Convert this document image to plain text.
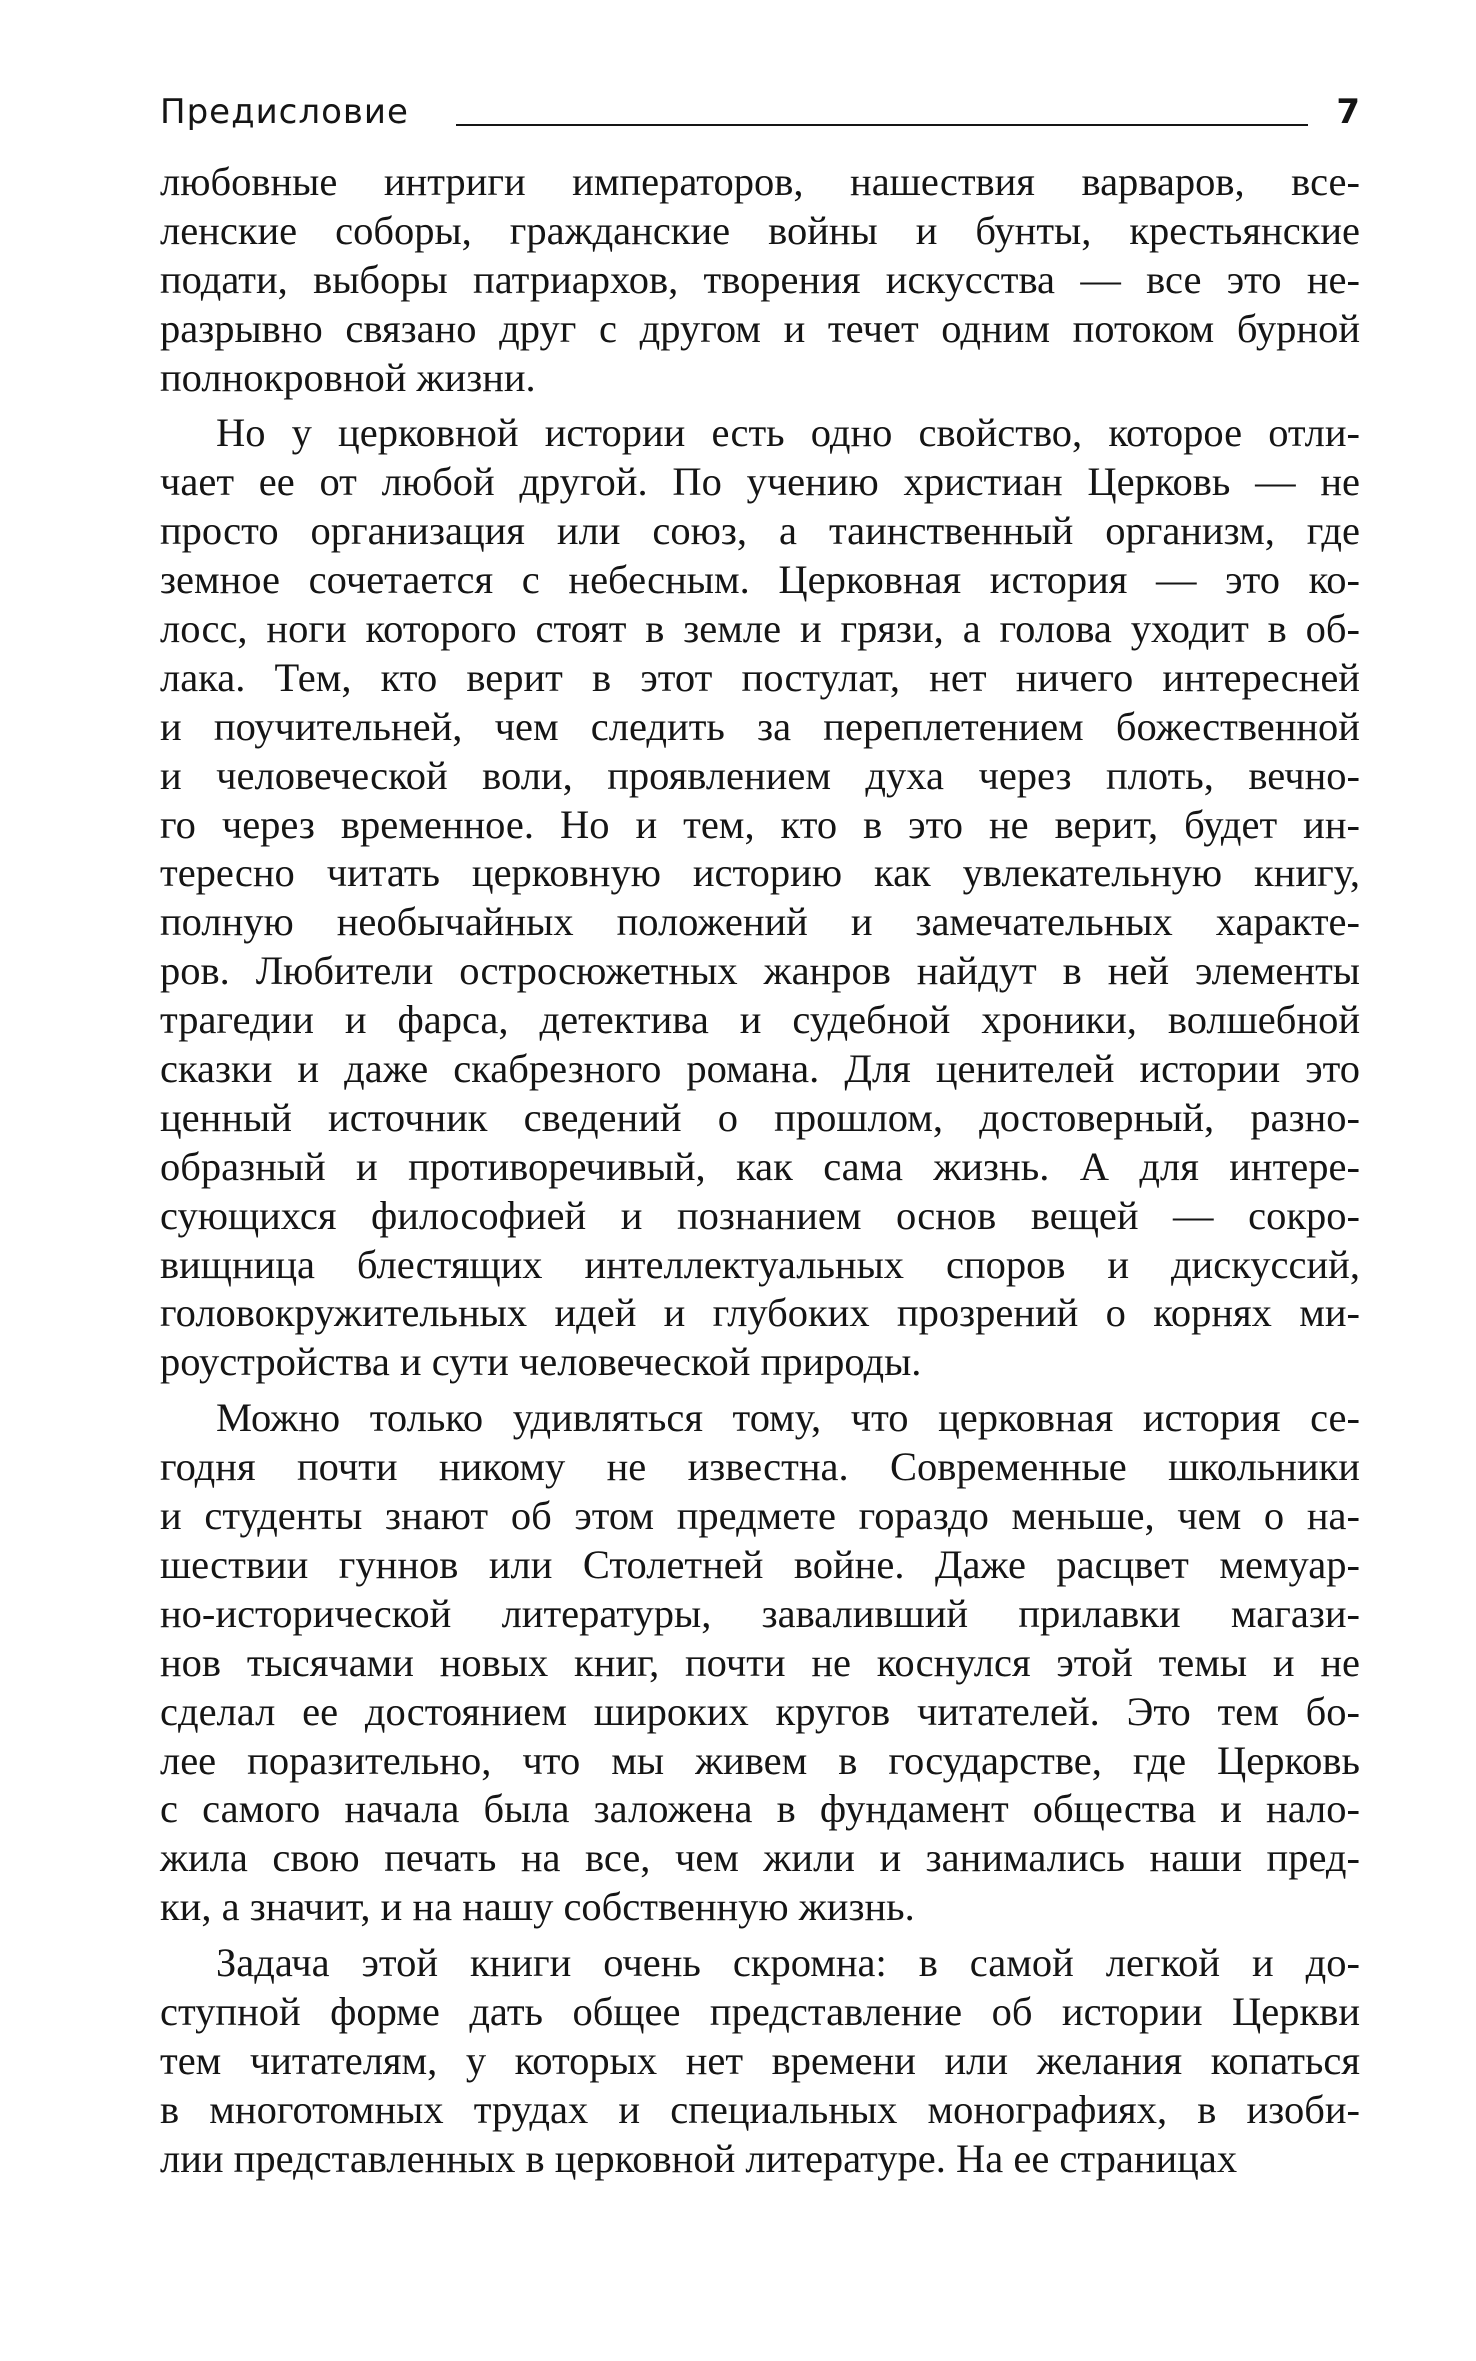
Предисловие	7
любовные интриги императоров, нашествия варваров, все-
ленские соборы, гражданские войны и бунты, крестьянские
подати, выборы патриархов, творения искусства — все это не-
разрывно связано друг с другом и течет одним потоком бурной
полнокровной жизни.
Но у церковной истории есть одно свойство, которое отли-
чает ее от любой другой. По учению христиан Церковь — не
просто организация или союз, а таинственный организм, где
земное сочетается с небесным. Церковная история — это ко-
лосс, ноги которого стоят в земле и грязи, а голова уходит в об-
лака. Тем, кто верит в этот постулат, нет ничего интересней
и поучительней, чем следить за переплетением божественной
и человеческой воли, проявлением духа через плоть, вечно-
го через временное. Но и тем, кто в это не верит, будет ин-
тересно читать церковную историю как увлекательную книгу,
полную необычайных положений и замечательных характе-
ров. Любители остросюжетных жанров найдут в ней элементы
трагедии и фарса, детектива и судебной хроники, волшебной
сказки и даже скабрезного романа. Для ценителей истории это
ценный источник сведений о прошлом, достоверный, разно-
образный и противоречивый, как сама жизнь. А для интере-
сующихся философией и познанием основ вещей — сокро-
вищница блестящих интеллектуальных споров и дискуссий,
головокружительных идей и глубоких прозрений о корнях ми-
роустройства и сути человеческой природы.
Можно только удивляться тому, что церковная история се-
годня почти никому не известна. Современные школьники
и студенты знают об этом предмете гораздо меньше, чем о на-
шествии гуннов или Столетней войне. Даже расцвет мемуар-
но-исторической литературы, заваливший прилавки магази-
нов тысячами новых книг, почти не коснулся этой темы и не
сделал ее достоянием широких кругов читателей. Это тем бо-
лее поразительно, что мы живем в государстве, где Церковь
с самого начала была заложена в фундамент общества и нало-
жила свою печать на все, чем жили и занимались наши пред-
ки, а значит, и на нашу собственную жизнь.
Задача этой книги очень скромна: в самой легкой и до-
ступной форме дать общее представление об истории Церкви
тем читателям, у которых нет времени или желания копаться
в многотомных трудах и специальных монографиях, в изоби-
лии представленных в церковной литературе. На ее страницах
